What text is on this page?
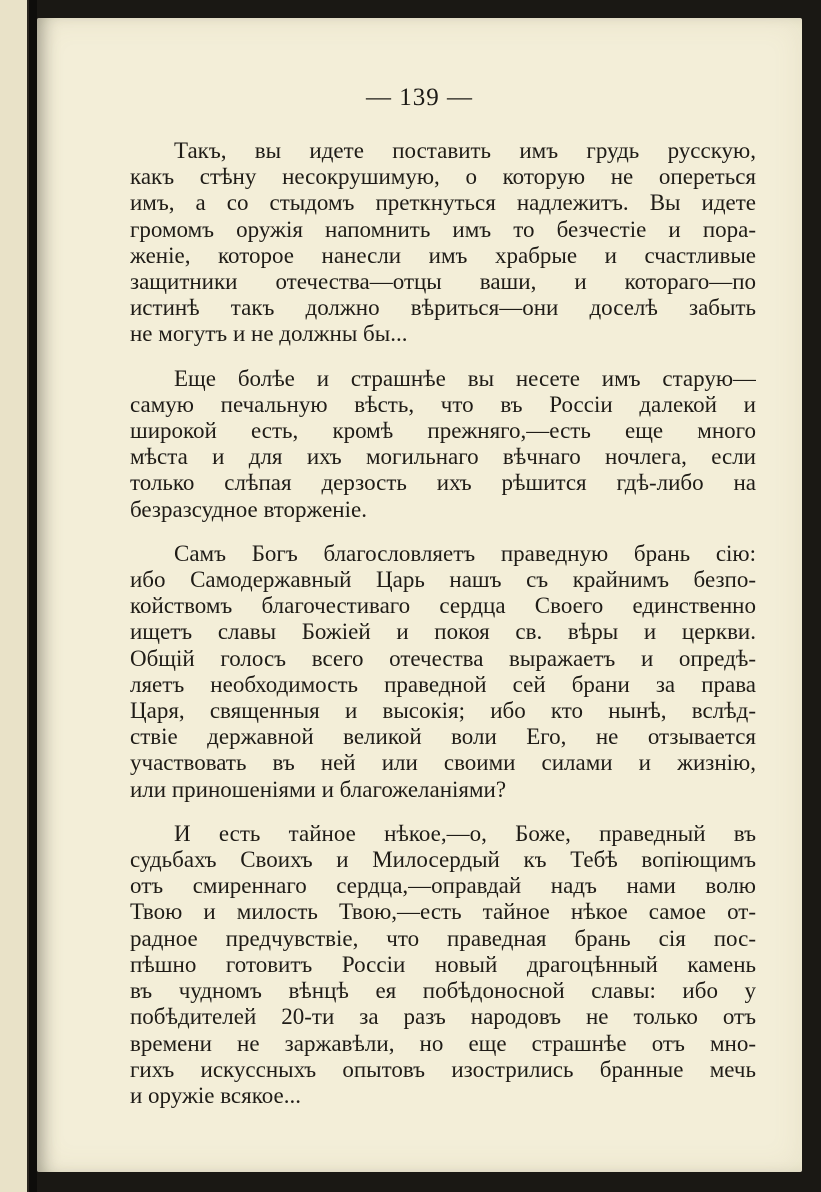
— 139 —

Такъ, вы идете поставить имъ грудь русскую,
какъ стѣну несокрушимую, о которую не опереться
имъ, а со стыдомъ преткнуться надлежитъ. Вы идете
громомъ оружія напомнить имъ то безчестіе и пора-
женіе, которое нанесли имъ храбрые и счастливые
защитники отечества—отцы ваши, и котораго—по
истинѣ такъ должно вѣриться—они доселѣ забыть
не могутъ и не должны бы...

Еще болѣе и страшнѣе вы несете имъ старую—
самую печальную вѣсть, что въ Россіи далекой и
широкой есть, кромѣ прежняго,—есть еще много
мѣста и для ихъ могильнаго вѣчнаго ночлега, если
только слѣпая дерзость ихъ рѣшится гдѣ-либо на
безразсудное вторженіе.

Самъ Богъ благословляетъ праведную брань сію:
ибо Самодержавный Царь нашъ съ крайнимъ безпо-
койствомъ благочестиваго сердца Своего единственно
ищетъ славы Божіей и покоя св. вѣры и церкви.
Общій голосъ всего отечества выражаетъ и опредѣ-
ляетъ необходимость праведной сей брани за права
Царя, священныя и высокія; ибо кто нынѣ, вслѣд-
ствіе державной великой воли Его, не отзывается
участвовать въ ней или своими силами и жизнію,
или приношеніями и благожеланіями?

И есть тайное нѣкое,—о, Боже, праведный въ
судьбахъ Своихъ и Милосердый къ Тебѣ вопіющимъ
отъ смиреннаго сердца,—оправдай надъ нами волю
Твою и милость Твою,—есть тайное нѣкое самое от-
радное предчувствіе, что праведная брань сія пос-
пѣшно готовитъ Россіи новый драгоцѣнный камень
въ чудномъ вѣнцѣ ея побѣдоносной славы: ибо у
побѣдителей 20-ти за разъ народовъ не только отъ
времени не заржавѣли, но еще страшнѣе отъ мно-
гихъ искуссныхъ опытовъ изострились бранные мечь
и оружіе всякое...
